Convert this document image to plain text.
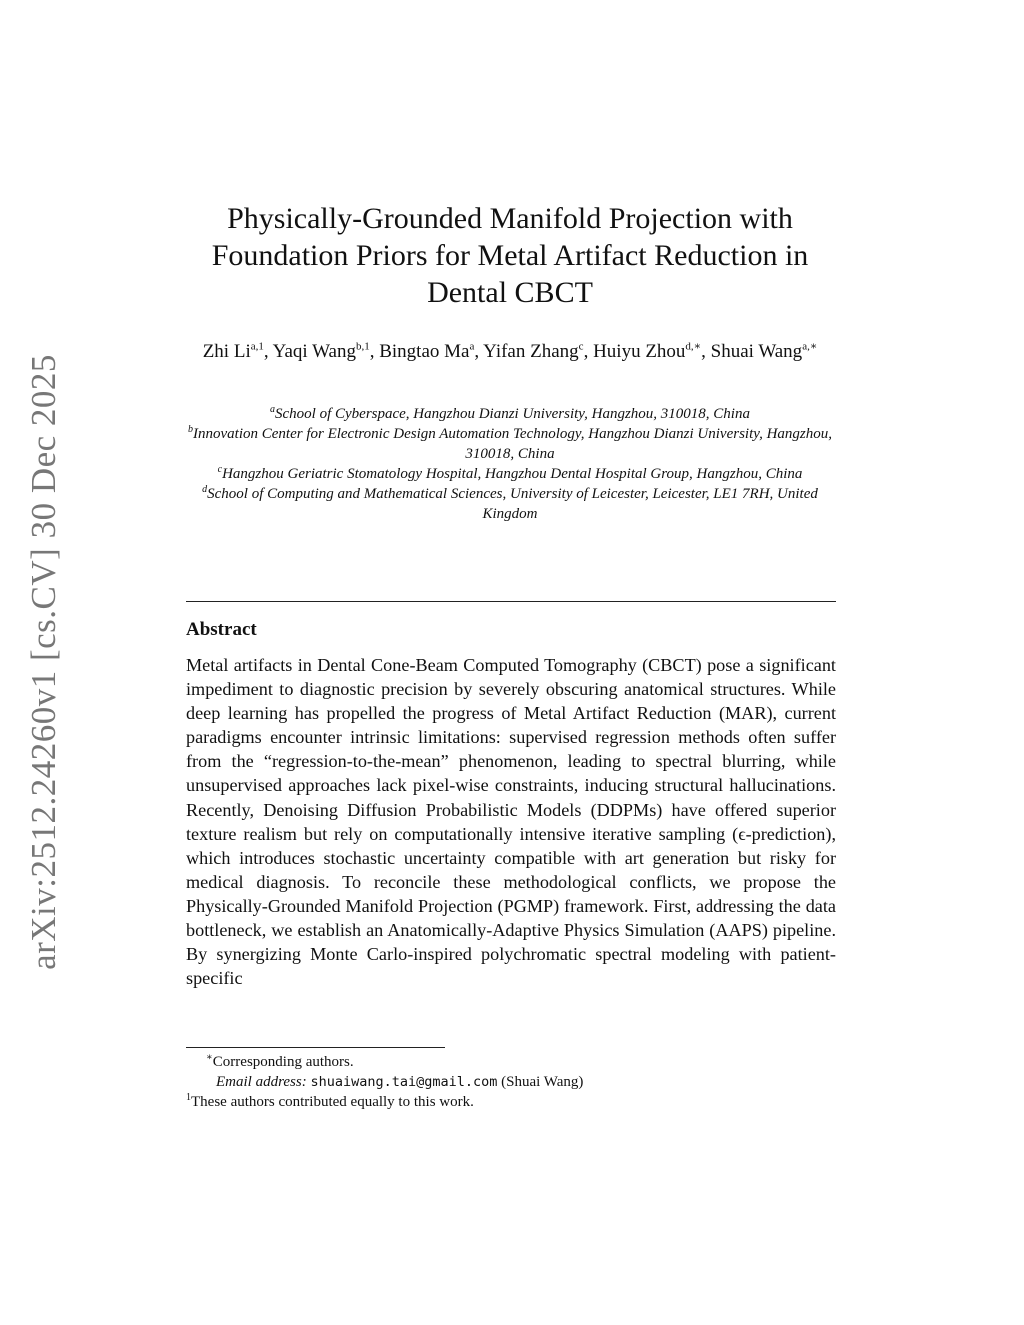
arXiv:2512.24260v1 [cs.CV] 30 Dec 2025
Physically-Grounded Manifold Projection with
Foundation Priors for Metal Artifact Reduction in
Dental CBCT
Zhi Li$^{a,1}$, Yaqi Wang$^{b,1}$, Bingtao Ma$^a$, Yifan Zhang$^c$, Huiyu Zhou$^{d,∗}$, Shuai Wang$^{a,∗}$
$^a$School of Cyberspace, Hangzhou Dianzi University, Hangzhou, 310018, China
$^b$Innovation Center for Electronic Design Automation Technology, Hangzhou Dianzi University, Hangzhou, 310018, China
$^c$Hangzhou Geriatric Stomatology Hospital, Hangzhou Dental Hospital Group, Hangzhou, China
$^d$School of Computing and Mathematical Sciences, University of Leicester, Leicester, LE1 7RH, United Kingdom
Abstract
Metal artifacts in Dental Cone-Beam Computed Tomography (CBCT) pose a significant impediment to diagnostic precision by severely obscuring anatomical structures. While deep learning has propelled the progress of Metal Artifact Reduction (MAR), current paradigms encounter intrinsic limitations: supervised regression methods often suffer from the “regression-to-the-mean” phenomenon, leading to spectral blurring, while unsupervised approaches lack pixel-wise constraints, inducing structural hallucinations. Recently, Denoising Diffusion Probabilistic Models (DDPMs) have offered superior texture realism but rely on computationally intensive iterative sampling (ϵ-prediction), which introduces stochastic uncertainty compatible with art generation but risky for medical diagnosis. To reconcile these methodological conflicts, we propose the Physically-Grounded Manifold Projection (PGMP) framework. First, addressing the data bottleneck, we establish an Anatomically-Adaptive Physics Simulation (AAPS) pipeline. By synergizing Monte Carlo-inspired polychromatic spectral modeling with patient-specific
∗Corresponding authors.
Email address: shuaiwang.tai@gmail.com (Shuai Wang)
$^1$These authors contributed equally to this work.
